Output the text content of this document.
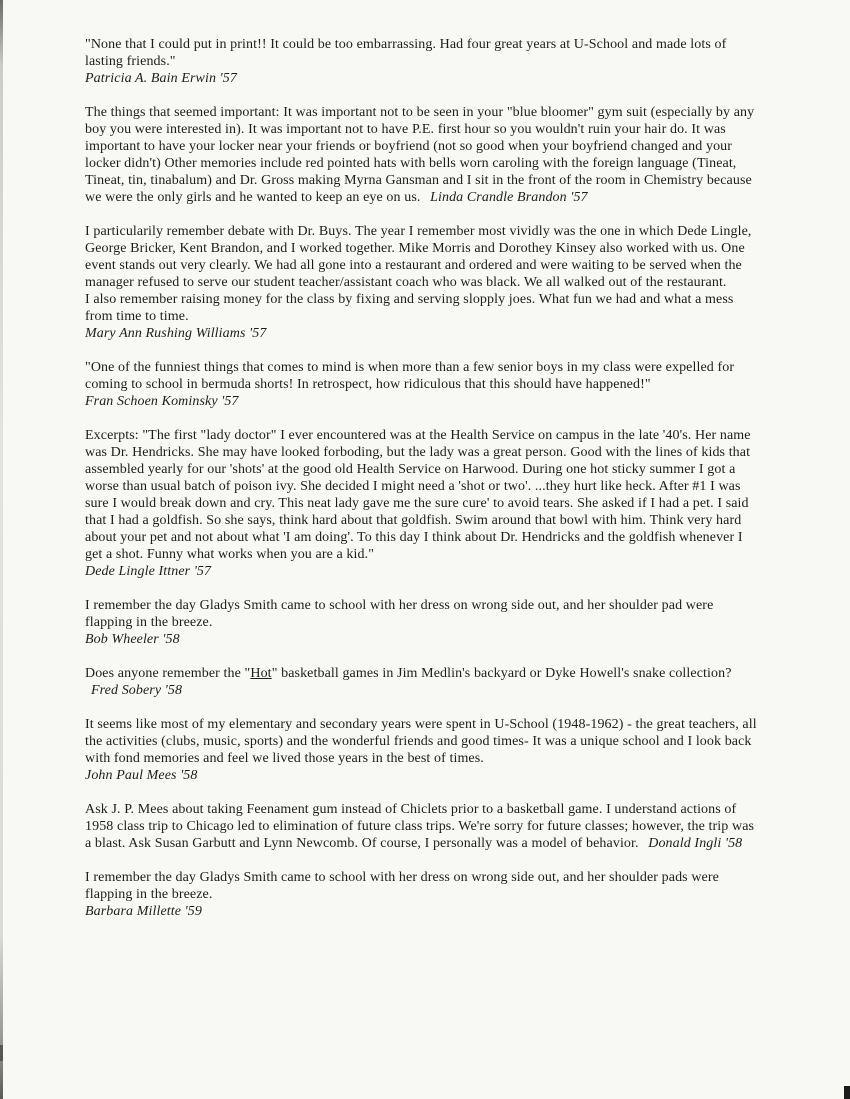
"None that I could put in print!! It could be too embarrassing. Had four great years at U-School and made lots of lasting friends."
Patricia A. Bain Erwin '57

The things that seemed important: It was important not to be seen in your "blue bloomer" gym suit (especially by any boy you were interested in). It was important not to have P.E. first hour so you wouldn't ruin your hair do. It was important to have your locker near your friends or boyfriend (not so good when your boyfriend changed and your locker didn't) Other memories include red pointed hats with bells worn caroling with the foreign language (Tineat, Tineat, tin, tinabalum) and Dr. Gross making Myrna Gansman and I sit in the front of the room in Chemistry because we were the only girls and he wanted to keep an eye on us. Linda Crandle Brandon '57

I particularily remember debate with Dr. Buys. The year I remember most vividly was the one in which Dede Lingle, George Bricker, Kent Brandon, and I worked together. Mike Morris and Dorothey Kinsey also worked with us. One event stands out very clearly. We had all gone into a restaurant and ordered and were waiting to be served when the manager refused to serve our student teacher/assistant coach who was black. We all walked out of the restaurant.
I also remember raising money for the class by fixing and serving slopply joes. What fun we had and what a mess from time to time.
Mary Ann Rushing Williams '57

"One of the funniest things that comes to mind is when more than a few senior boys in my class were expelled for coming to school in bermuda shorts! In retrospect, how ridiculous that this should have happened!"
Fran Schoen Kominsky '57

Excerpts: "The first "lady doctor" I ever encountered was at the Health Service on campus in the late '40's. Her name was Dr. Hendricks. She may have looked forboding, but the lady was a great person. Good with the lines of kids that assembled yearly for our 'shots' at the good old Health Service on Harwood. During one hot sticky summer I got a worse than usual batch of poison ivy. She decided I might need a 'shot or two'. ...they hurt like heck. After #1 I was sure I would break down and cry. This neat lady gave me the sure cure' to avoid tears. She asked if I had a pet. I said that I had a goldfish. So she says, think hard about that goldfish. Swim around that bowl with him. Think very hard about your pet and not about what 'I am doing'. To this day I think about Dr. Hendricks and the goldfish whenever I get a shot. Funny what works when you are a kid."
Dede Lingle Ittner '57

I remember the day Gladys Smith came to school with her dress on wrong side out, and her shoulder pad were flapping in the breeze.
Bob Wheeler '58

Does anyone remember the "Hot" basketball games in Jim Medlin's backyard or Dyke Howell's snake collection? Fred Sobery '58

It seems like most of my elementary and secondary years were spent in U-School (1948-1962) - the great teachers, all the activities (clubs, music, sports) and the wonderful friends and good times- It was a unique school and I look back with fond memories and feel we lived those years in the best of times.
John Paul Mees '58

Ask J. P. Mees about taking Feenament gum instead of Chiclets prior to a basketball game. I understand actions of 1958 class trip to Chicago led to elimination of future class trips. We're sorry for future classes; however, the trip was a blast. Ask Susan Garbutt and Lynn Newcomb. Of course, I personally was a model of behavior. Donald Ingli '58

I remember the day Gladys Smith came to school with her dress on wrong side out, and her shoulder pads were flapping in the breeze.
Barbara Millette '59
